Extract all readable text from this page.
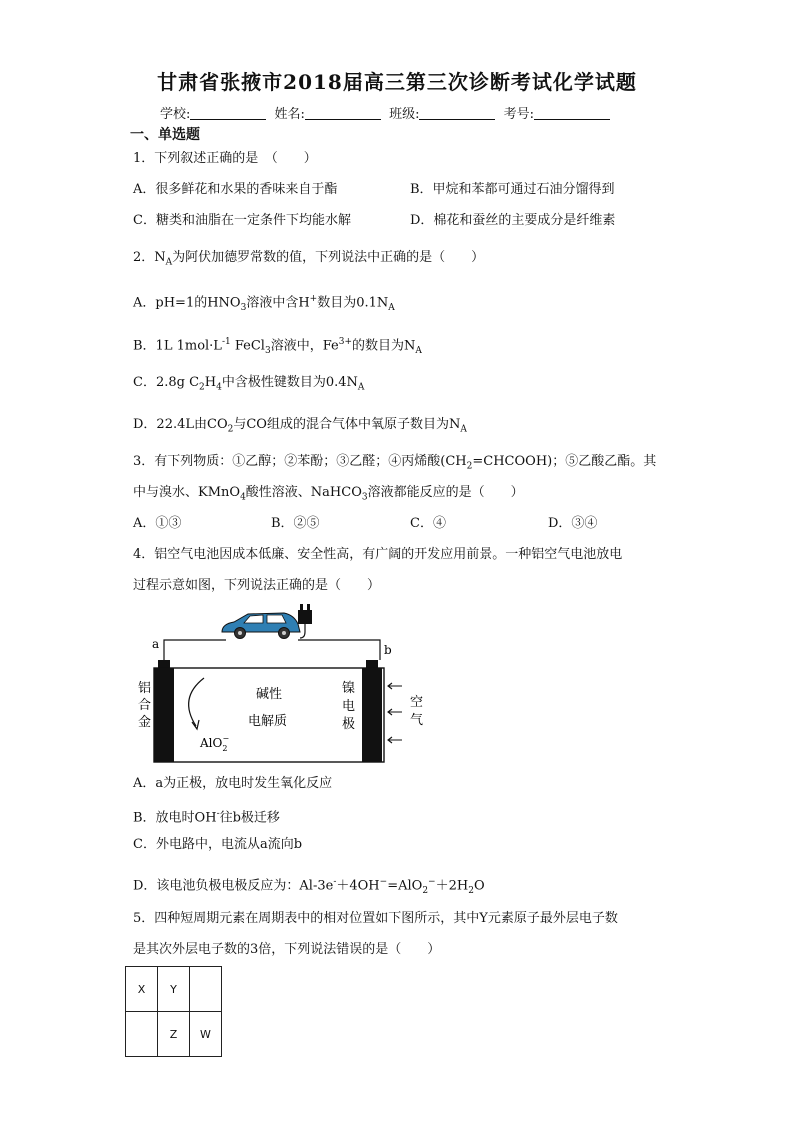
甘肃省张掖市2018届高三第三次诊断考试化学试题
学校:	姓名:	班级:	考号:
一、单选题
1．下列叙述正确的是　（　　）
A．很多鲜花和水果的香味来自于酯	B．甲烷和苯都可通过石油分馏得到
C．糖类和油脂在一定条件下均能水解	D．棉花和蚕丝的主要成分是纤维素
2．$N_A$为阿伏加德罗常数的值，下列说法中正确的是（　　）
A．pH=1的$HNO_3$溶液中含H+数目为$0.1N_A$
B．1L $1mol\cdot L^{-1}$ FeCl$_3$溶液中，$Fe^{3+}$的数目为$N_A$
C．2.8g $C_2H_4$中含极性键数目为$0.4N_A$
D．22.4L由$CO_2$与CO组成的混合气体中氧原子数目为$N_A$
3．有下列物质：①乙醇；②苯酚；③乙醛；④丙烯酸$(CH_2=CHCOOH)$；⑤乙酸乙酯。其
中与溴水、KMnO$_4$酸性溶液、NaHCO$_3$溶液都能反应的是（　　）
A．①③	B．②⑤	C．④	D．③④
4．铝空气电池因成本低廉、安全性高，有广阔的开发应用前景。一种铝空气电池放电
过程示意如图，下列说法正确的是（　　）
a	b
铝
合
金
AlO$_2$−
碱性
电解质
镍
电
极
空
气
A．a为正极，放电时发生氧化反应
B．放电时OH-往b极迁移
C．外电路中，电流从a流向b
D．该电池负极电极反应为：$Al-3e^-+4OH^-=AlO_2^-+2H_2O$
5．四种短周期元素在周期表中的相对位置如下图所示，其中Y元素原子最外层电子数
是其次外层电子数的3倍，下列说法错误的是（　　）
X	Y	
	Z	W
